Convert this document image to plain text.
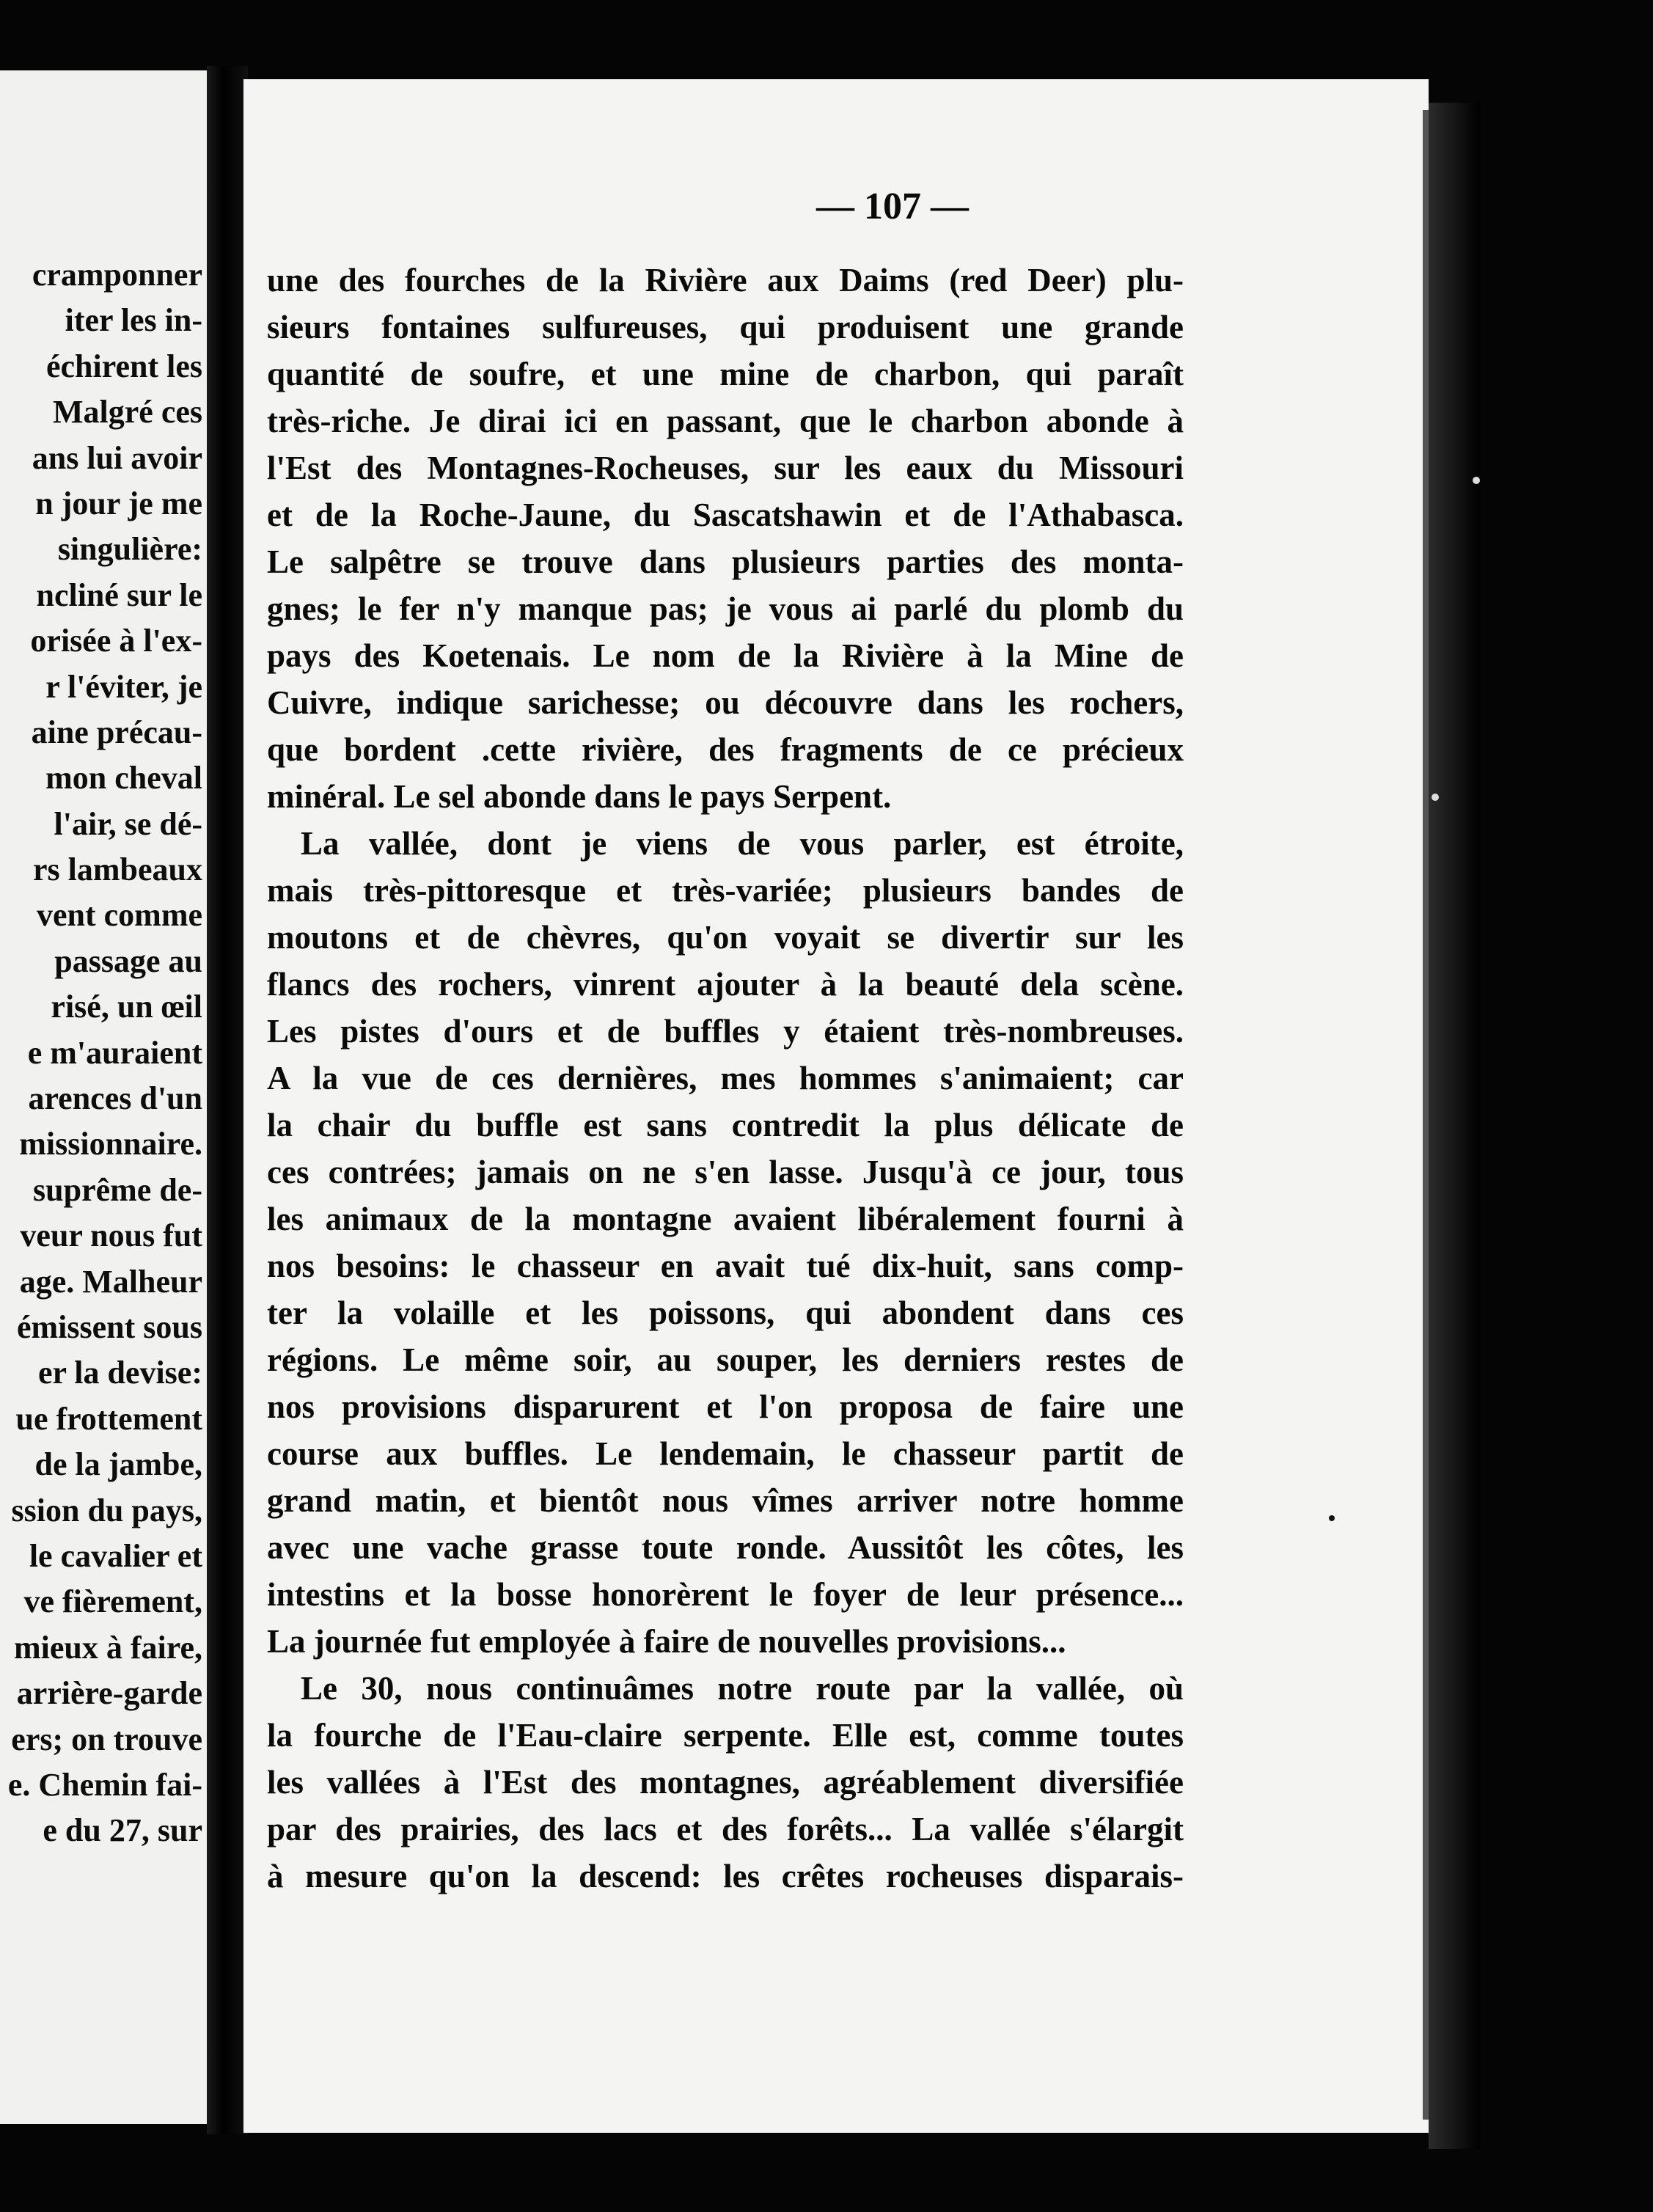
cramponner
iter les in-
échirent les
Malgré ces
ans lui avoir
n jour je me
singulière:
ncliné sur le
orisée à l'ex-
r l'éviter, je
aine précau-
mon cheval
l'air, se dé-
rs lambeaux
vent comme
passage au
risé, un œil
e m'auraient
arences d'un
missionnaire.
suprême de-
veur nous fut
age. Malheur
émissent sous
er la devise:
ue frottement
de la jambe,
ssion du pays,
le cavalier et
ve fièrement,
mieux à faire,
arrière-garde
ers; on trouve
e. Chemin fai-
e du 27, sur
— 107 —
une des fourches de la Rivière aux Daims (red Deer) plu-
sieurs fontaines sulfureuses, qui produisent une grande
quantité de soufre, et une mine de charbon, qui paraît
très-riche. Je dirai ici en passant, que le charbon abonde à
l'Est des Montagnes-Rocheuses, sur les eaux du Missouri
et de la Roche-Jaune, du Sascatshawin et de l'Athabasca.
Le salpêtre se trouve dans plusieurs parties des monta-
gnes; le fer n'y manque pas; je vous ai parlé du plomb du
pays des Koetenais. Le nom de la Rivière à la Mine de
Cuivre, indique sarichesse; ou découvre dans les rochers,
que bordent .cette rivière, des fragments de ce précieux
minéral. Le sel abonde dans le pays Serpent.
La vallée, dont je viens de vous parler, est étroite,
mais très-pittoresque et très-variée; plusieurs bandes de
moutons et de chèvres, qu'on voyait se divertir sur les
flancs des rochers, vinrent ajouter à la beauté dela scène.
Les pistes d'ours et de buffles y étaient très-nombreuses.
A la vue de ces dernières, mes hommes s'animaient; car
la chair du buffle est sans contredit la plus délicate de
ces contrées; jamais on ne s'en lasse. Jusqu'à ce jour, tous
les animaux de la montagne avaient libéralement fourni à
nos besoins: le chasseur en avait tué dix-huit, sans comp-
ter la volaille et les poissons, qui abondent dans ces
régions. Le même soir, au souper, les derniers restes de
nos provisions disparurent et l'on proposa de faire une
course aux buffles. Le lendemain, le chasseur partit de
grand matin, et bientôt nous vîmes arriver notre homme
avec une vache grasse toute ronde. Aussitôt les côtes, les
intestins et la bosse honorèrent le foyer de leur présence...
La journée fut employée à faire de nouvelles provisions...
Le 30, nous continuâmes notre route par la vallée, où
la fourche de l'Eau-claire serpente. Elle est, comme toutes
les vallées à l'Est des montagnes, agréablement diversifiée
par des prairies, des lacs et des forêts... La vallée s'élargit
à mesure qu'on la descend: les crêtes rocheuses disparais-
